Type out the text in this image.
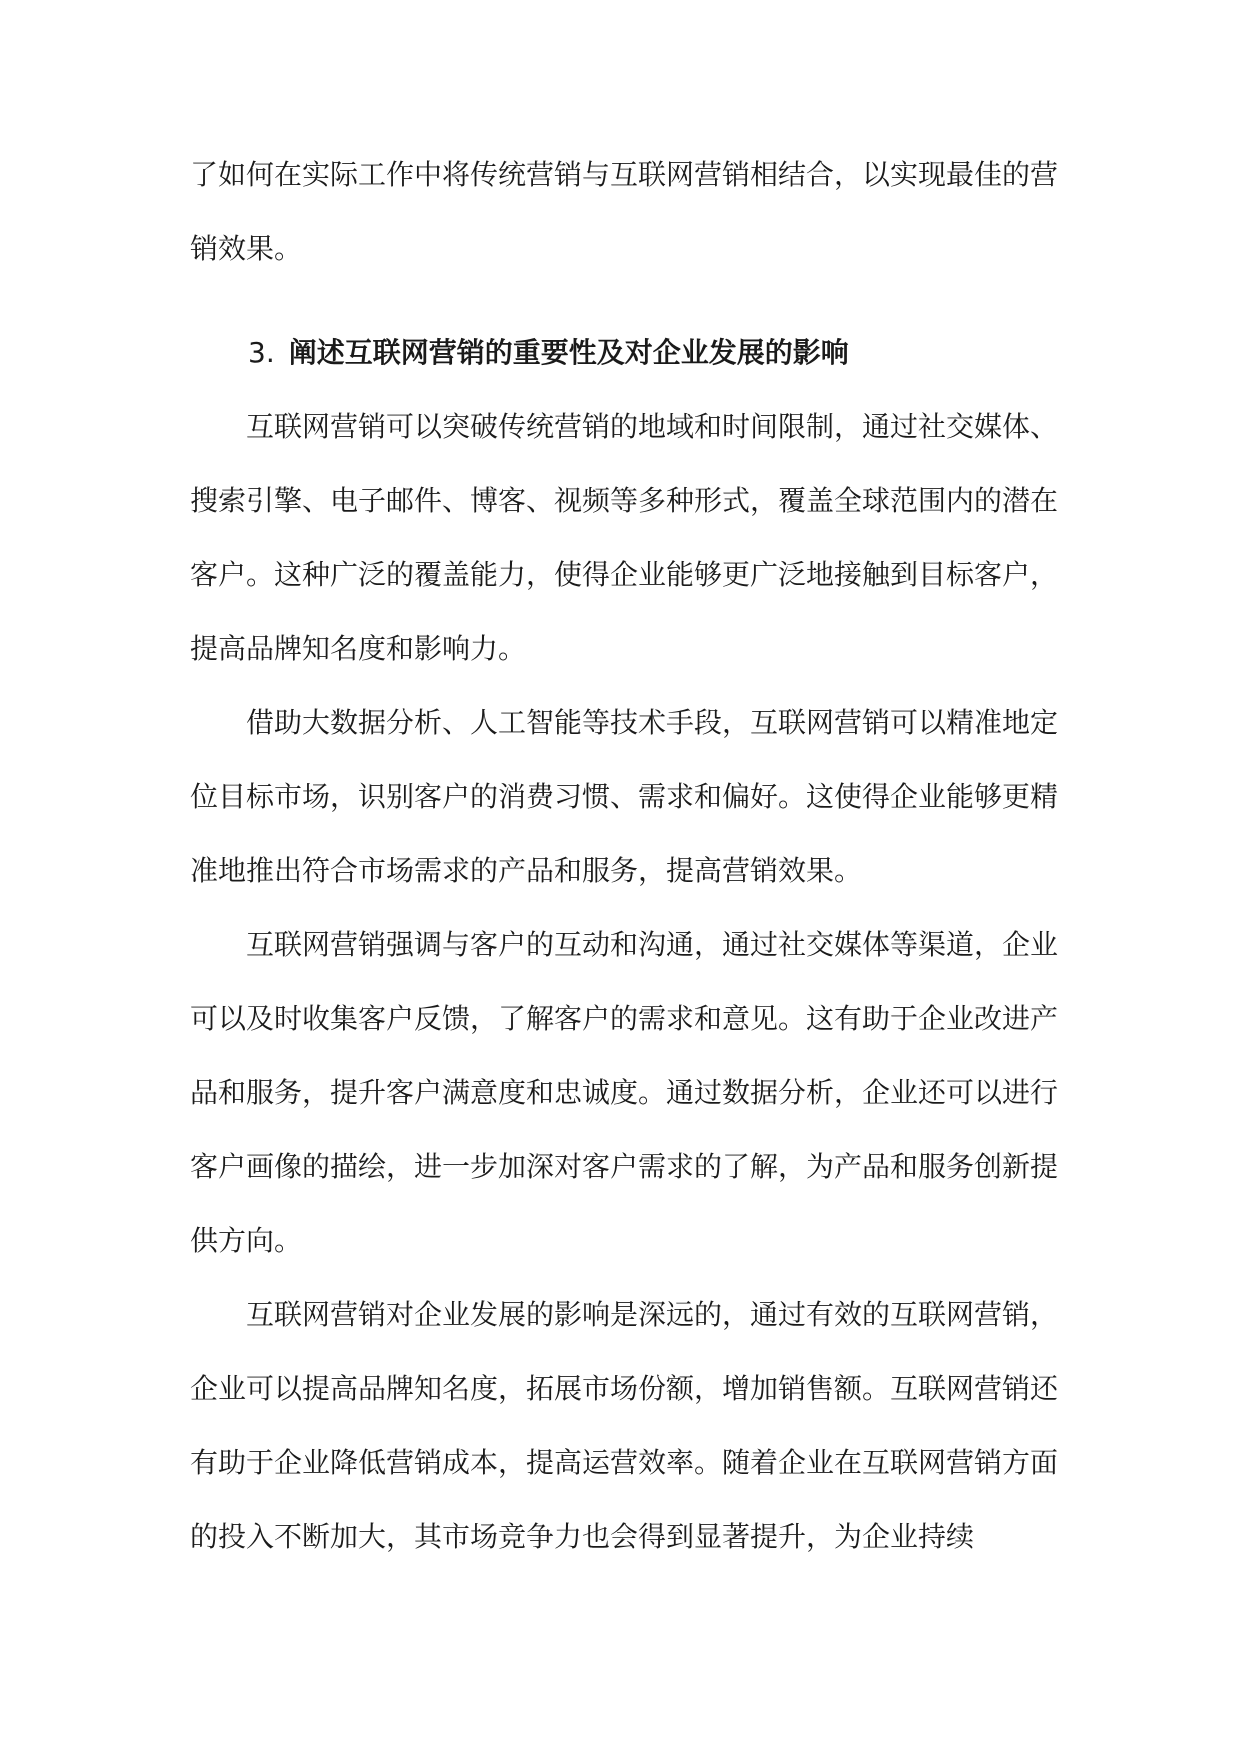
了如何在实际工作中将传统营销与互联网营销相结合，以实现最佳的营销效果。

3. 阐述互联网营销的重要性及对企业发展的影响

互联网营销可以突破传统营销的地域和时间限制，通过社交媒体、搜索引擎、电子邮件、博客、视频等多种形式，覆盖全球范围内的潜在客户。这种广泛的覆盖能力，使得企业能够更广泛地接触到目标客户，提高品牌知名度和影响力。

借助大数据分析、人工智能等技术手段，互联网营销可以精准地定位目标市场，识别客户的消费习惯、需求和偏好。这使得企业能够更精准地推出符合市场需求的产品和服务，提高营销效果。

互联网营销强调与客户的互动和沟通，通过社交媒体等渠道，企业可以及时收集客户反馈，了解客户的需求和意见。这有助于企业改进产品和服务，提升客户满意度和忠诚度。通过数据分析，企业还可以进行客户画像的描绘，进一步加深对客户需求的了解，为产品和服务创新提供方向。

互联网营销对企业发展的影响是深远的，通过有效的互联网营销，企业可以提高品牌知名度，拓展市场份额，增加销售额。互联网营销还有助于企业降低营销成本，提高运营效率。随着企业在互联网营销方面的投入不断加大，其市场竞争力也会得到显著提升，为企业持续
